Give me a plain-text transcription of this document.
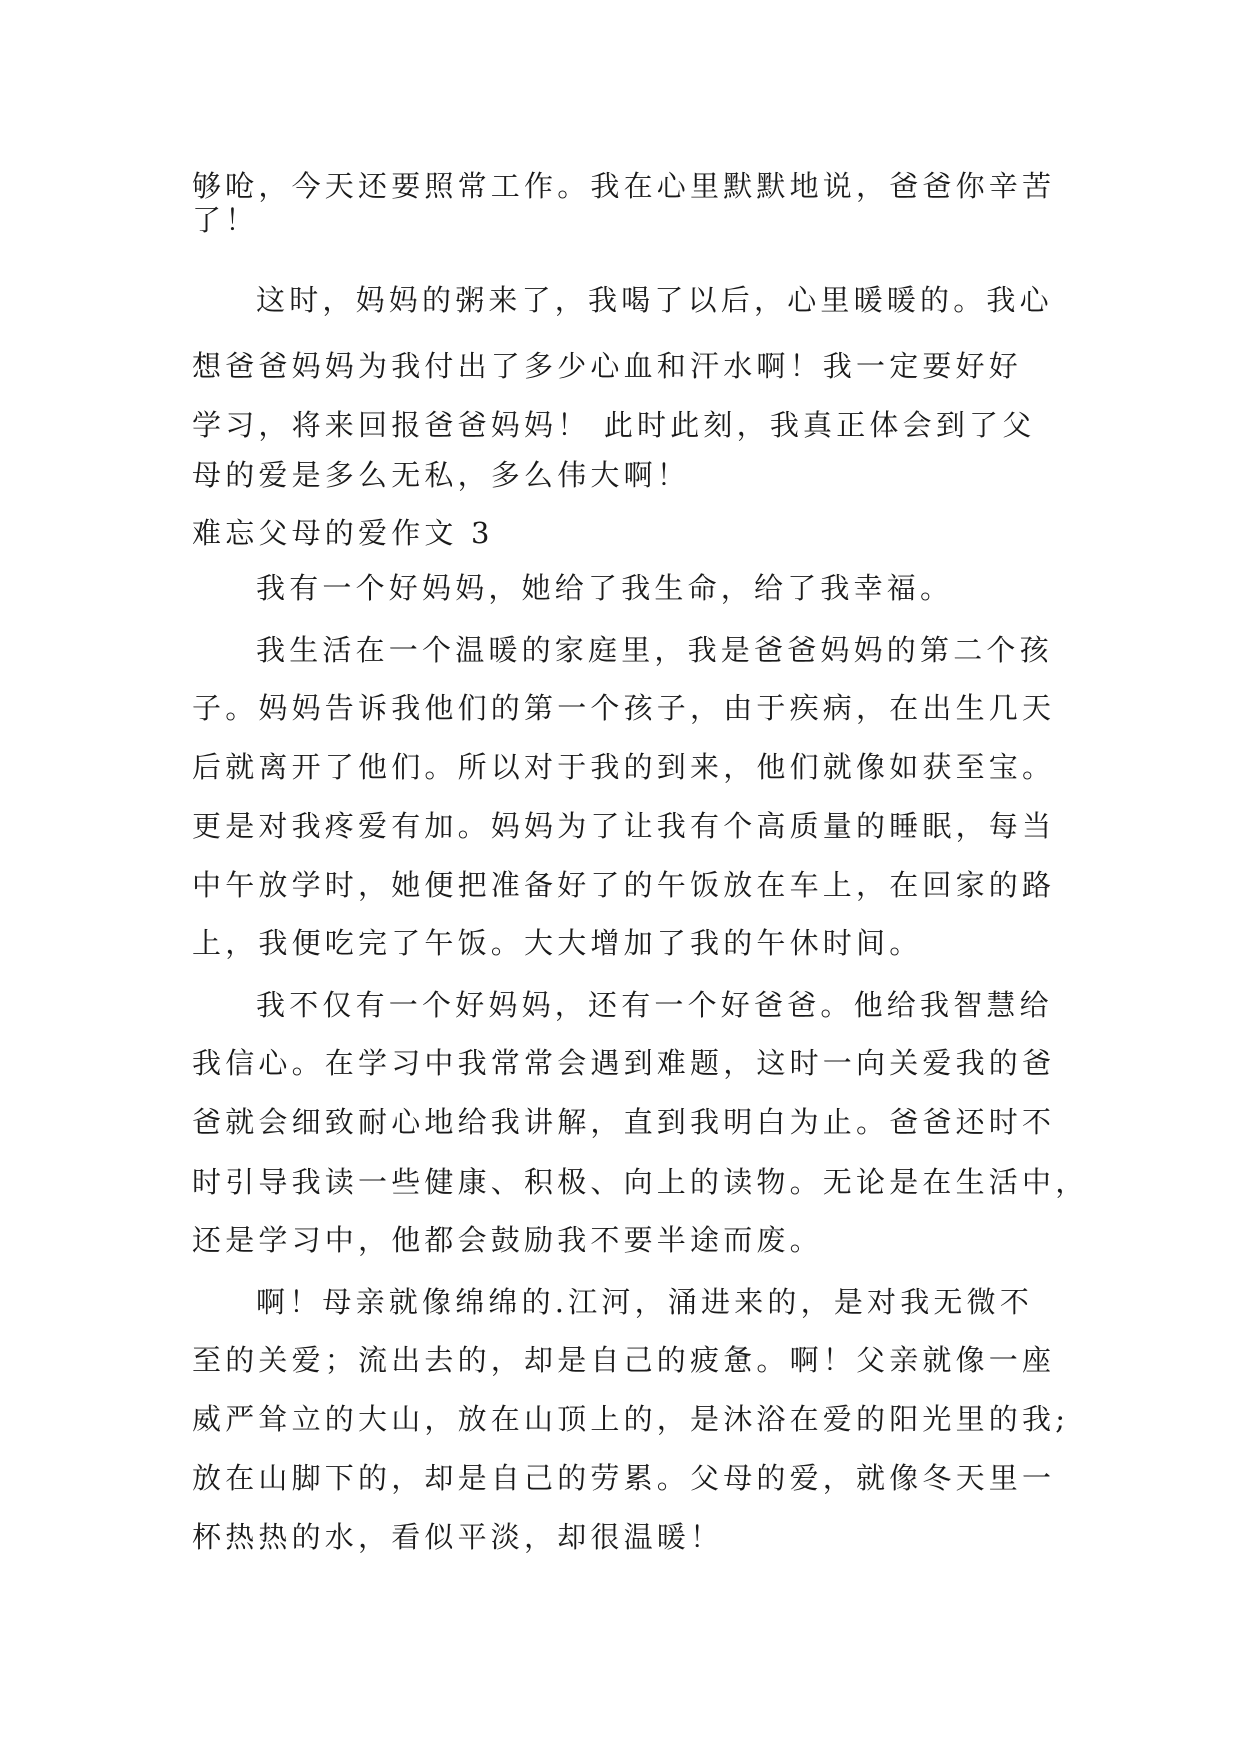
够呛，今天还要照常工作。我在心里默默地说，爸爸你辛苦
了！
这时，妈妈的粥来了，我喝了以后，心里暖暖的。我心
想爸爸妈妈为我付出了多少心血和汗水啊！我一定要好好
学习，将来回报爸爸妈妈！ 此时此刻，我真正体会到了父
母的爱是多么无私，多么伟大啊！
难忘父母的爱作文 3
我有一个好妈妈，她给了我生命，给了我幸福。
我生活在一个温暖的家庭里，我是爸爸妈妈的第二个孩
子。妈妈告诉我他们的第一个孩子，由于疾病，在出生几天
后就离开了他们。所以对于我的到来，他们就像如获至宝。
更是对我疼爱有加。妈妈为了让我有个高质量的睡眠，每当
中午放学时，她便把准备好了的午饭放在车上，在回家的路
上，我便吃完了午饭。大大增加了我的午休时间。
我不仅有一个好妈妈，还有一个好爸爸。他给我智慧给
我信心。在学习中我常常会遇到难题，这时一向关爱我的爸
爸就会细致耐心地给我讲解，直到我明白为止。爸爸还时不
时引导我读一些健康、积极、向上的读物。无论是在生活中，
还是学习中，他都会鼓励我不要半途而废。
啊！母亲就像绵绵的.江河，涌进来的，是对我无微不
至的关爱；流出去的，却是自己的疲惫。啊！父亲就像一座
威严耸立的大山，放在山顶上的，是沐浴在爱的阳光里的我;
放在山脚下的，却是自己的劳累。父母的爱，就像冬天里一
杯热热的水，看似平淡，却很温暖！
